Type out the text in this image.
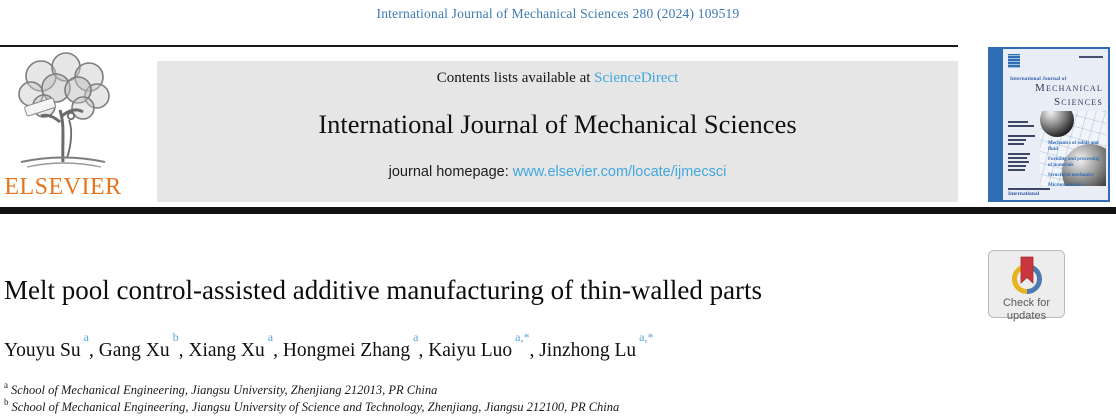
International Journal of Mechanical Sciences 280 (2024) 109519
ELSEVIER
Contents lists available at ScienceDirect
International Journal of Mechanical Sciences
journal homepage: www.elsevier.com/locate/ijmecsci
International Journal of
Mechanical
Sciences
Mechanics of solids and fluid
Forming and processing of materials
Structural mechanics
Micromechanics
International
Check for
updates
Melt pool control-assisted additive manufacturing of thin-walled parts
Youyu Su$^a$, Gang Xu$^b$, Xiang Xu$^a$, Hongmei Zhang$^a$, Kaiyu Luo$^{a,*}$, Jinzhong $Lu^{a,*}$
$^a$ School of Mechanical Engineering, Jiangsu University, Zhenjiang 212013, PR China
$^b$ School of Mechanical Engineering, Jiangsu University of Science and Technology, Zhenjiang, Jiangsu 212100, PR China
